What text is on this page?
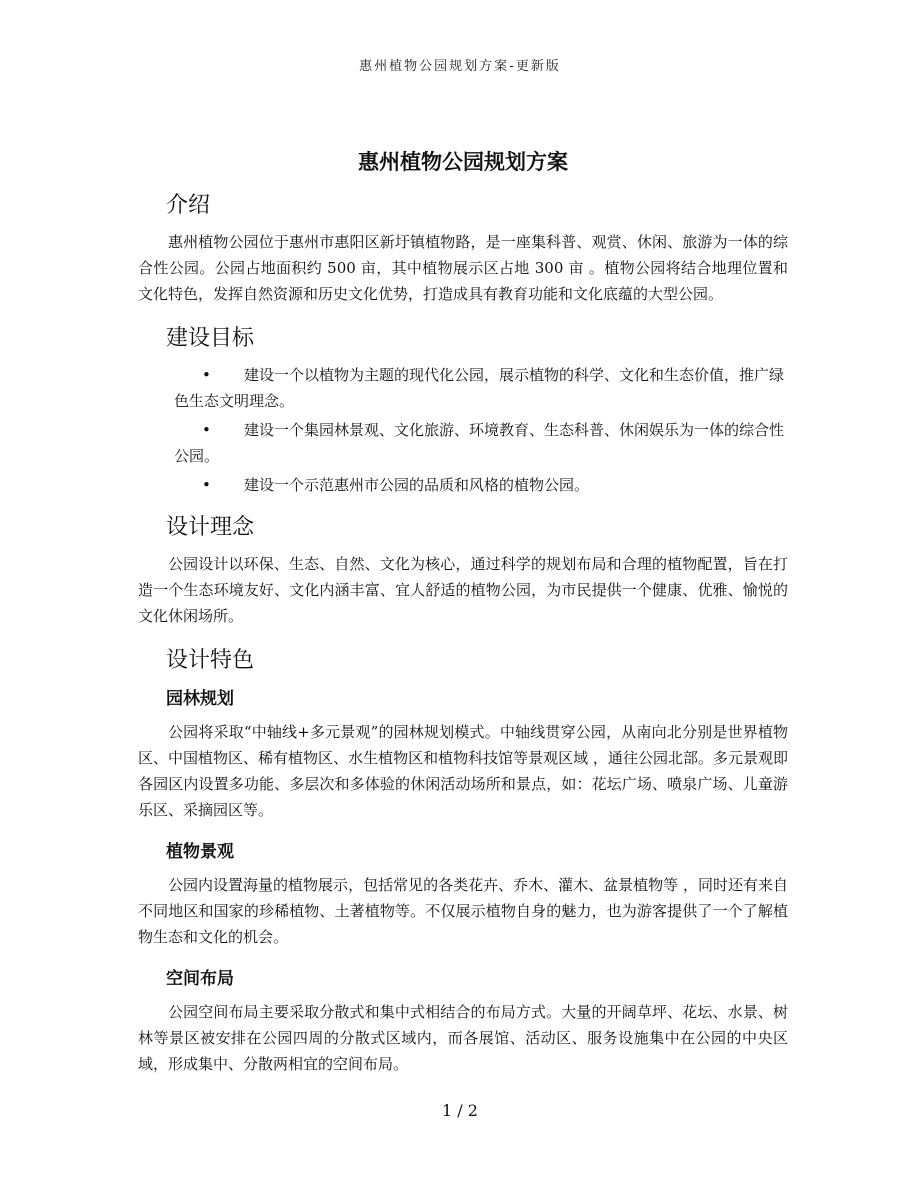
惠州植物公园规划方案-更新版
惠州植物公园规划方案
介绍

惠州植物公园位于惠州市惠阳区新圩镇植物路，是一座集科普、观赏、休闲、旅游为一体的综合性公园。公园占地面积约 500 亩，其中植物展示区占地 300 亩 。植物公园将结合地理位置和文化特色，发挥自然资源和历史文化优势，打造成具有教育功能和文化底蕴的大型公园。

建设目标
• 建设一个以植物为主题的现代化公园，展示植物的科学、文化和生态价值，推广绿色生态文明理念。
• 建设一个集园林景观、文化旅游、环境教育、生态科普、休闲娱乐为一体的综合性公园。
• 建设一个示范惠州市公园的品质和风格的植物公园。
设计理念

公园设计以环保、生态、自然、文化为核心，通过科学的规划布局和合理的植物配置，旨在打造一个生态环境友好、文化内涵丰富、宜人舒适的植物公园，为市民提供一个健康、优雅、愉悦的文化休闲场所。

设计特色
园林规划

公园将采取“中轴线+多元景观”的园林规划模式。中轴线贯穿公园，从南向北分别是世界植物区、中国植物区、稀有植物区、水生植物区和植物科技馆等景观区域 ，通往公园北部。多元景观即各园区内设置多功能、多层次和多体验的休闲活动场所和景点，如：花坛广场、喷泉广场、儿童游乐区、采摘园区等。

植物景观

公园内设置海量的植物展示，包括常见的各类花卉、乔木、灌木、盆景植物等 ，同时还有来自不同地区和国家的珍稀植物、土著植物等。不仅展示植物自身的魅力，也为游客提供了一个了解植物生态和文化的机会。

空间布局

公园空间布局主要采取分散式和集中式相结合的布局方式。大量的开阔草坪、花坛、水景、树林等景区被安排在公园四周的分散式区域内，而各展馆、活动区、服务设施集中在公园的中央区域，形成集中、分散两相宜的空间布局。

1 / 2
